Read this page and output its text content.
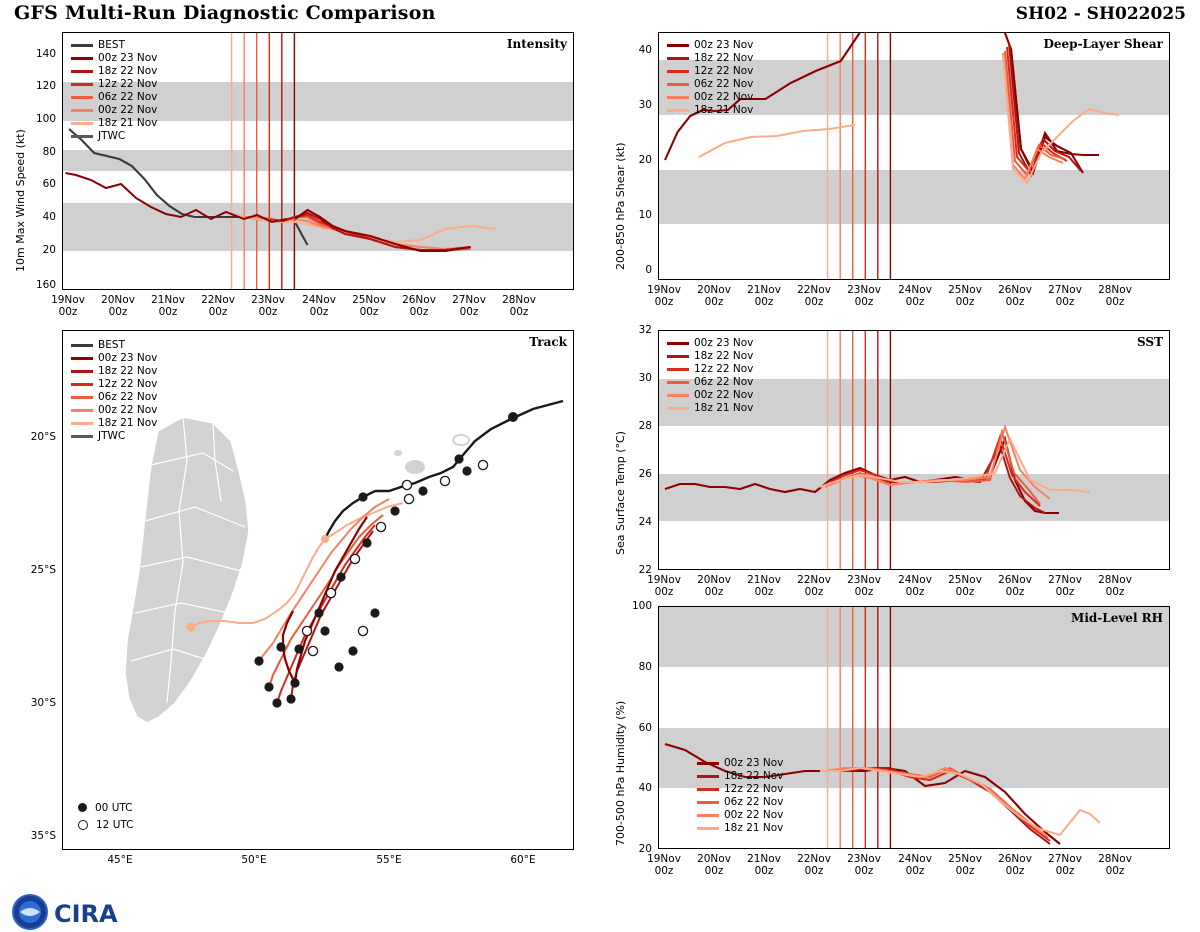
GFS Multi-Run Diagnostic Comparison	SH02 - SH022025
10m Max Wind Speed (kt)
Intensity
BEST
00z 23 Nov
18z 22 Nov
12z 22 Nov
06z 22 Nov
00z 22 Nov
18z 21 Nov
JTWC
160
140
120
100
80
60
40
20
19Nov
00z
20Nov
00z
21Nov
00z
22Nov
00z
23Nov
00z
24Nov
00z
25Nov
00z
26Nov
00z
27Nov
00z
28Nov
00z
Track
BEST
00z 23 Nov
18z 22 Nov
12z 22 Nov
06z 22 Nov
00z 22 Nov
18z 21 Nov
JTWC
00 UTC
12 UTC
20°S
25°S
30°S
35°S
45°E	50°E	55°E	60°E
200-850 hPa Shear (kt)
Deep-Layer Shear
00z 23 Nov
18z 22 Nov
12z 22 Nov
06z 22 Nov
00z 22 Nov
18z 21 Nov
40
30
20
10
0
19Nov
00z
20Nov
00z
21Nov
00z
22Nov
00z
23Nov
00z
24Nov
00z
25Nov
00z
26Nov
00z
27Nov
00z
28Nov
00z
Sea Surface Temp (°C)
SST
00z 23 Nov
18z 22 Nov
12z 22 Nov
06z 22 Nov
00z 22 Nov
18z 21 Nov
32
30
28
26
24
22
19Nov
00z
20Nov
00z
21Nov
00z
22Nov
00z
23Nov
00z
24Nov
00z
25Nov
00z
26Nov
00z
27Nov
00z
28Nov
00z
700-500 hPa Humidity (%)
Mid-Level RH
00z 23 Nov
18z 22 Nov
12z 22 Nov
06z 22 Nov
00z 22 Nov
18z 21 Nov
100
80
60
40
20
19Nov
00z
20Nov
00z
21Nov
00z
22Nov
00z
23Nov
00z
24Nov
00z
25Nov
00z
26Nov
00z
27Nov
00z
28Nov
00z
CIRA
